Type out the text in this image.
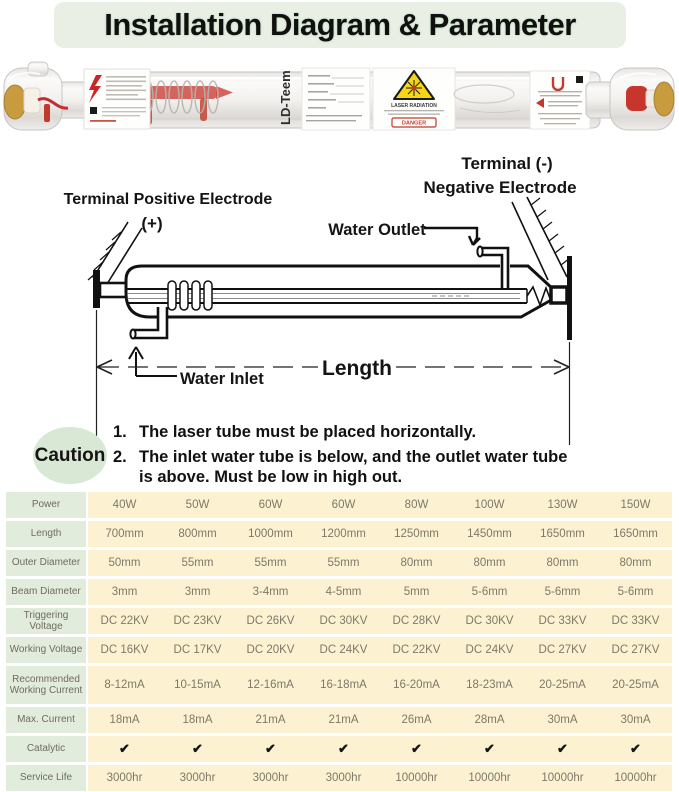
Installation Diagram & Parameter
LD-Teem	LASER RADIATION
DANGER
Terminal (-)
Negative Electrode
Terminal Positive Electrode
(+)	Water Outlet
Water Inlet	Length
Caution
1. The laser tube must be placed horizontally.
2. The inlet water tube is below, and the outlet water tube is above. Must be low in high out.
Power	40W	50W	60W	60W	80W	100W	130W	150W
Length	700mm	800mm	1000mm	1200mm	1250mm	1450mm	1650mm	1650mm
Outer Diameter	50mm	55mm	55mm	55mm	80mm	80mm	80mm	80mm
Beam Diameter	3mm	3mm	3-4mm	4-5mm	5mm	5-6mm	5-6mm	5-6mm
Triggering Voltage	DC 22KV	DC 23KV	DC 26KV	DC 30KV	DC 28KV	DC 30KV	DC 33KV	DC 33KV
Working Voltage	DC 16KV	DC 17KV	DC 20KV	DC 24KV	DC 22KV	DC 24KV	DC 27KV	DC 27KV
Recommended Working Current	8-12mA	10-15mA	12-16mA	16-18mA	16-20mA	18-23mA	20-25mA	20-25mA
Max. Current	18mA	18mA	21mA	21mA	26mA	28mA	30mA	30mA
Catalytic	✔	✔	✔	✔	✔	✔	✔	✔
Service Life	3000hr	3000hr	3000hr	3000hr	10000hr	10000hr	10000hr	10000hr
